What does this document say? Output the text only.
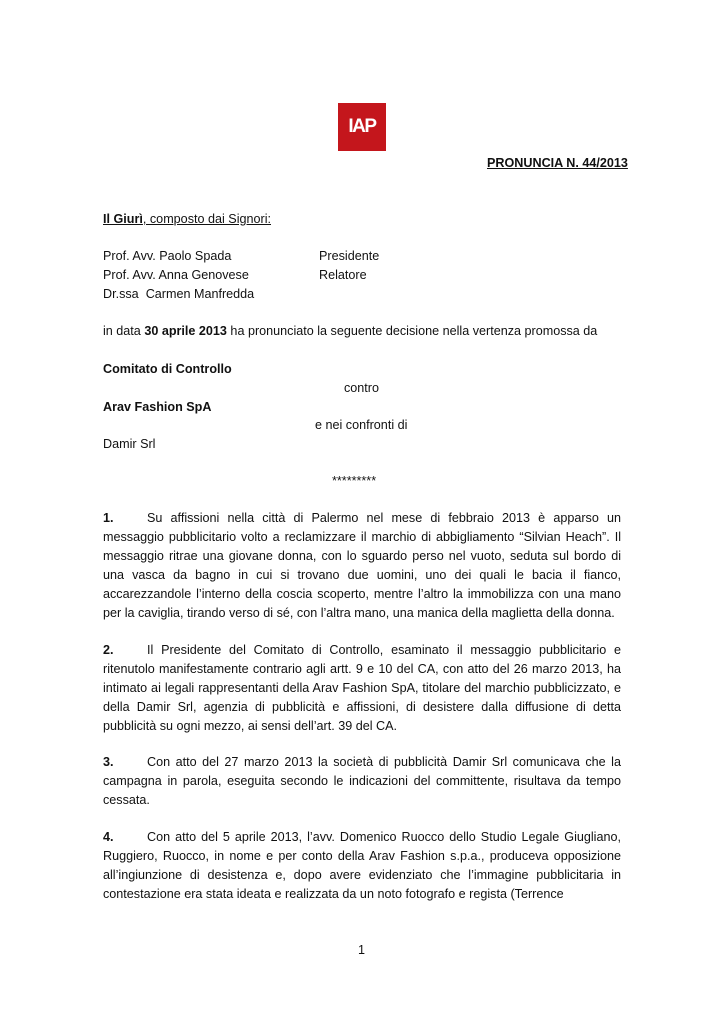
IAP
PRONUNCIA N. 44/2013
Il Giurì, composto dai Signori:
Prof. Avv. Paolo Spada	Presidente
Prof. Avv. Anna Genovese	Relatore
Dr.ssa  Carmen Manfredda
in data 30 aprile 2013 ha pronunciato la seguente decisione nella vertenza promossa da
Comitato di Controllo
contro
Arav Fashion SpA
e nei confronti di
Damir Srl
*********
1.	Su affissioni nella città di Palermo nel mese di febbraio 2013 è apparso un messaggio pubblicitario volto a reclamizzare il marchio di abbigliamento “Silvian Heach”. Il messaggio ritrae una giovane donna, con lo sguardo perso nel vuoto, seduta sul bordo di una vasca da bagno in cui si trovano due uomini, uno dei quali le bacia il fianco, accarezzandole l’interno della coscia scoperto, mentre l’altro la immobilizza con una mano per la caviglia, tirando verso di sé, con l’altra mano, una manica della maglietta della donna.
2.	Il Presidente del Comitato di Controllo, esaminato il messaggio pubblicitario e ritenutolo manifestamente contrario agli artt. 9 e 10 del CA, con atto del 26 marzo 2013, ha intimato ai legali rappresentanti della Arav Fashion SpA, titolare del marchio pubblicizzato, e della Damir Srl, agenzia di pubblicità e affissioni, di desistere dalla diffusione di detta pubblicità su ogni mezzo, ai sensi dell’art. 39 del CA.
3.	Con atto del 27 marzo 2013 la società di pubblicità Damir Srl comunicava che la campagna in parola, eseguita secondo le indicazioni del committente, risultava da tempo cessata.
4.	Con atto del 5 aprile 2013, l’avv. Domenico Ruocco dello Studio Legale Giugliano, Ruggiero, Ruocco, in nome e per conto della Arav Fashion s.p.a., produceva opposizione all’ingiunzione di desistenza e, dopo avere evidenziato che l’immagine pubblicitaria in contestazione era stata ideata e realizzata da un noto fotografo e regista (Terrence
1
